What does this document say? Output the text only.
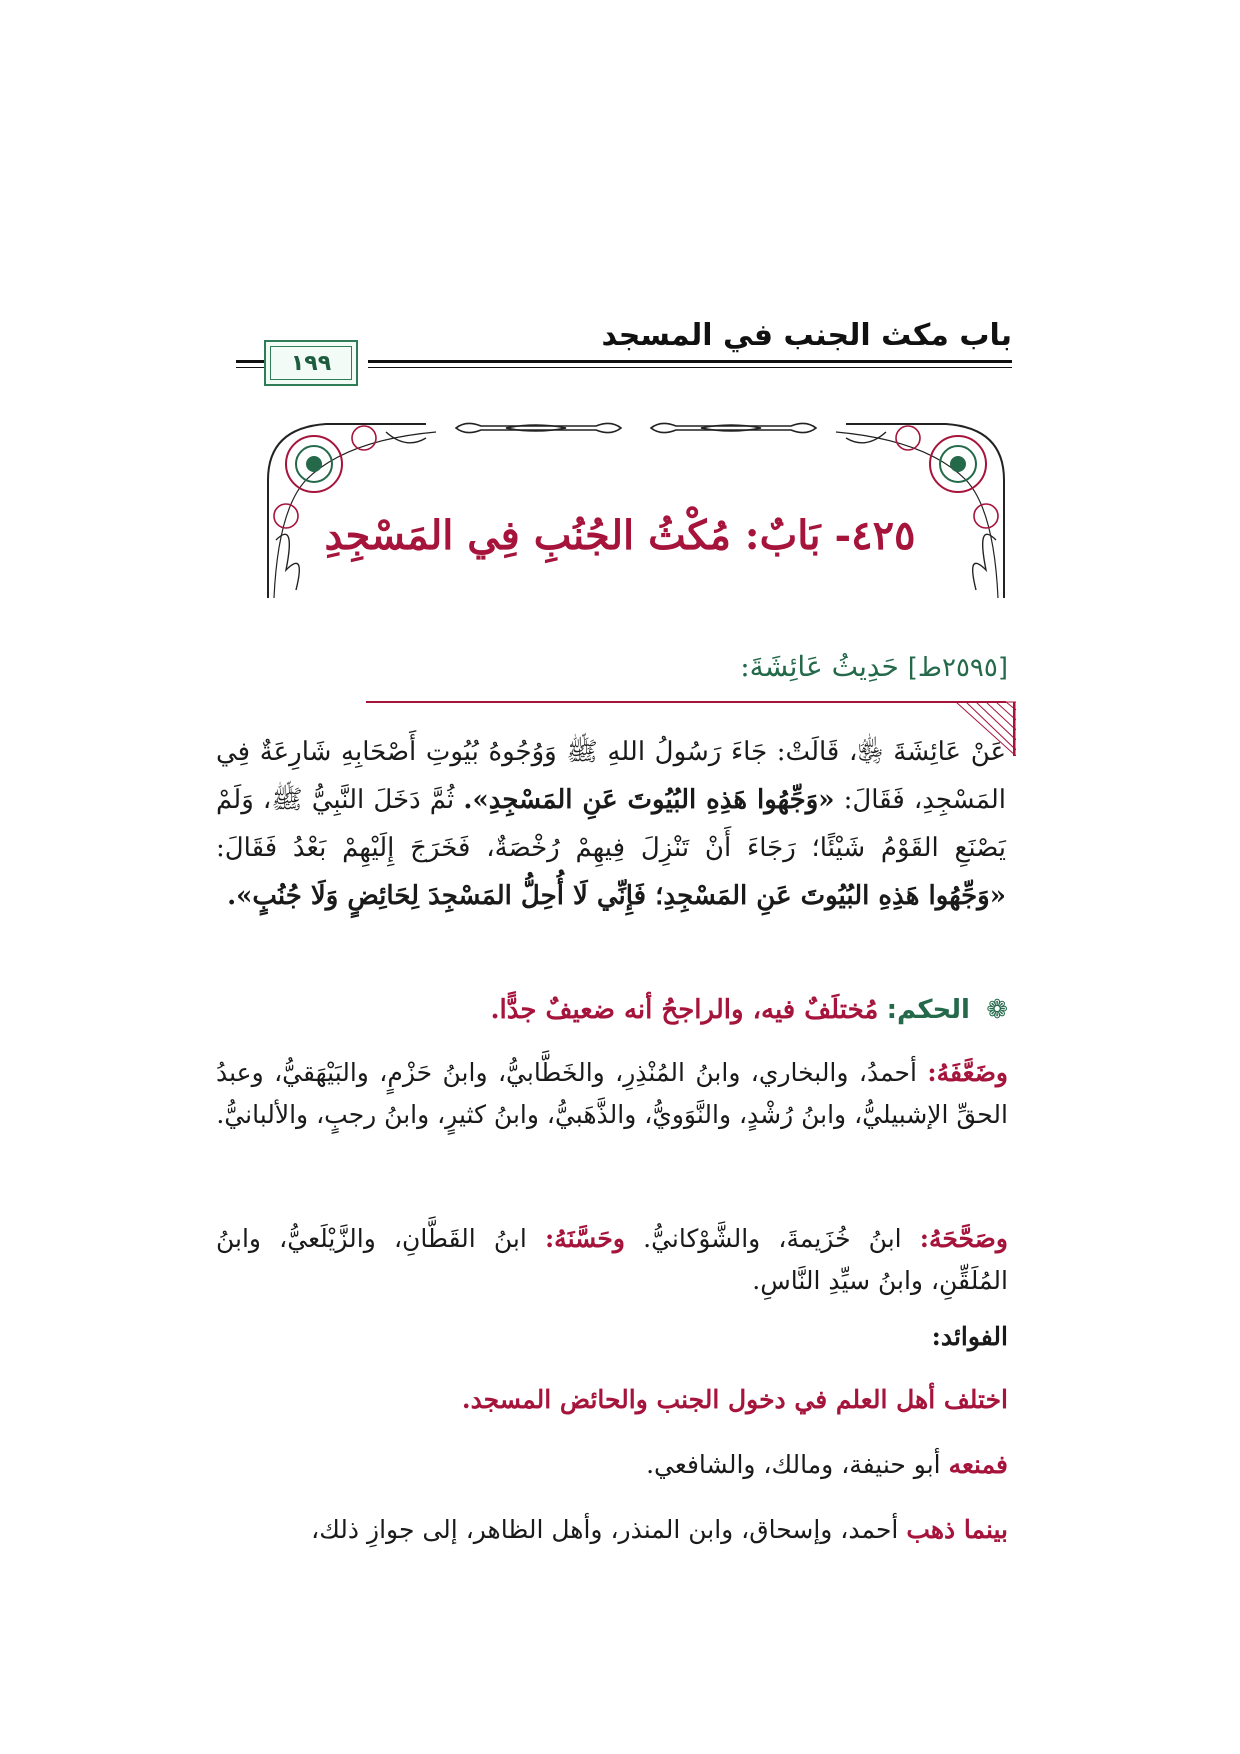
باب مكث الجنب في المسجد
١٩٩
٤٢٥- بَابٌ: مُكْثُ الجُنُبِ فِي المَسْجِدِ
[٢٥٩٥ط] حَدِيثُ عَائِشَةَ:
عَنْ عَائِشَةَ ﵂، قَالَتْ: جَاءَ رَسُولُ اللهِ ﷺ وَوُجُوهُ بُيُوتِ أَصْحَابِهِ شَارِعَةٌ فِي المَسْجِدِ، فَقَالَ: «وَجِّهُوا هَذِهِ البُيُوتَ عَنِ المَسْجِدِ». ثُمَّ دَخَلَ النَّبِيُّ ﷺ، وَلَمْ يَصْنَعِ القَوْمُ شَيْئًا؛ رَجَاءَ أَنْ تَنْزِلَ فِيهِمْ رُخْصَةٌ، فَخَرَجَ إِلَيْهِمْ بَعْدُ فَقَالَ: «وَجِّهُوا هَذِهِ البُيُوتَ عَنِ المَسْجِدِ؛ فَإِنِّي لَا أُحِلُّ المَسْجِدَ لِحَائِضٍ وَلَا جُنُبٍ».
❁ الحكم: مُختلَفٌ فيه، والراجحُ أنه ضعيفٌ جدًّا.
وضَعَّفَهُ: أحمدُ، والبخاري، وابنُ المُنْذِرِ، والخَطَّابيُّ، وابنُ حَزْمٍ، والبَيْهَقيُّ، وعبدُ الحقِّ الإشبيليُّ، وابنُ رُشْدٍ، والنَّوَويُّ، والذَّهَبيُّ، وابنُ كثيرٍ، وابنُ رجبٍ، والألبانيُّ.
وصَحَّحَهُ: ابنُ خُزَيمةَ، والشَّوْكانيُّ. وحَسَّنَهُ: ابنُ القَطَّانِ، والزَّيْلَعيُّ، وابنُ المُلَقِّنِ، وابنُ سيِّدِ النَّاسِ.
الفوائد:
اختلف أهل العلم في دخول الجنب والحائض المسجد.
فمنعه أبو حنيفة، ومالك، والشافعي.
بينما ذهب أحمد، وإسحاق، وابن المنذر، وأهل الظاهر، إلى جوازِ ذلك،
